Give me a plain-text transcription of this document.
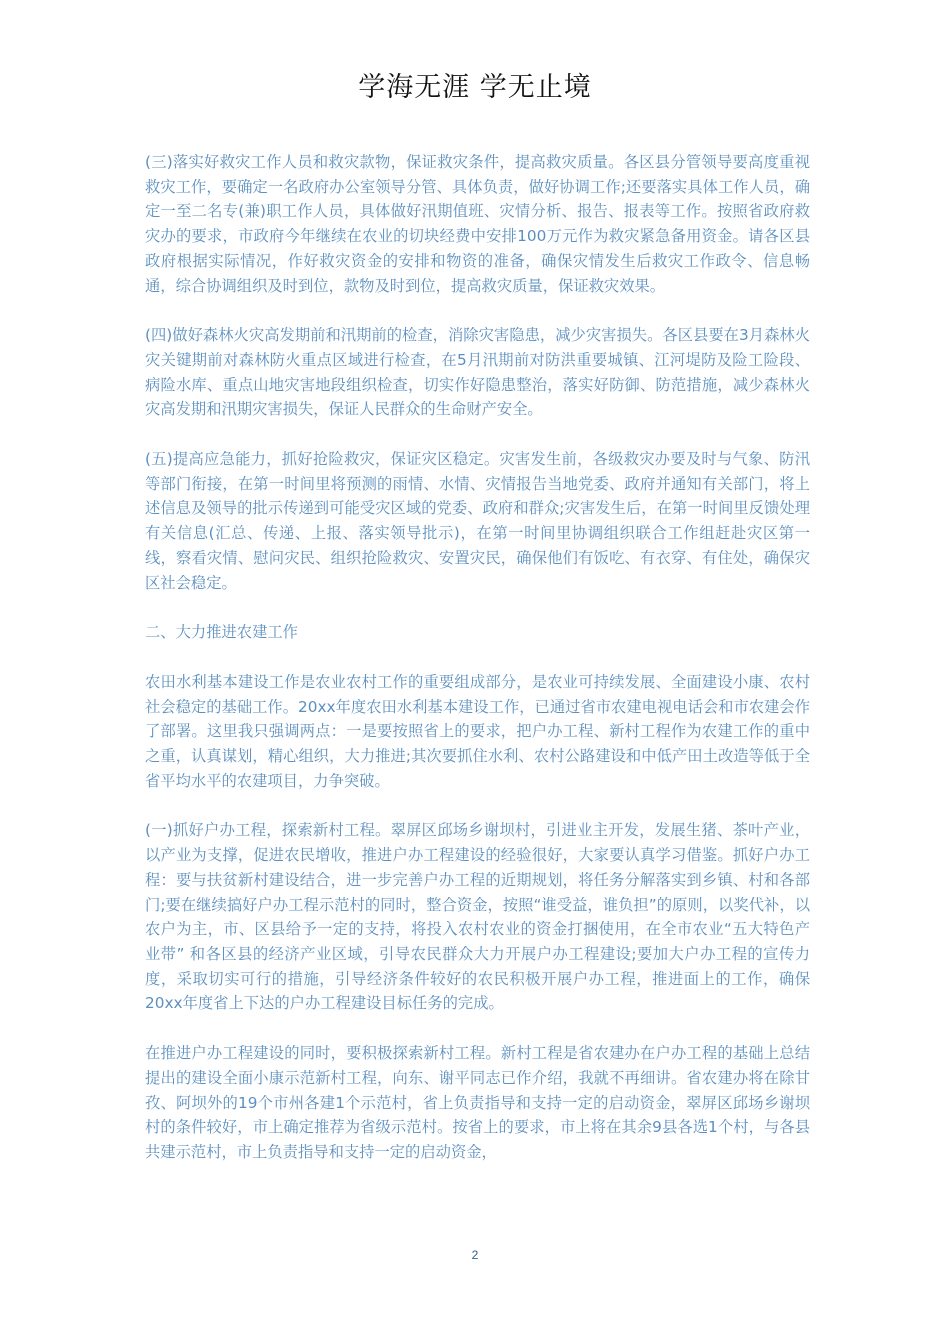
学海无涯 学无止境

(三)落实好救灾工作人员和救灾款物，保证救灾条件，提高救灾质量。各区县分管领导要高度重视救灾工作，要确定一名政府办公室领导分管、具体负责，做好协调工作;还要落实具体工作人员，确定一至二名专(兼)职工作人员，具体做好汛期值班、灾情分析、报告、报表等工作。按照省政府救灾办的要求，市政府今年继续在农业的切块经费中安排100万元作为救灾紧急备用资金。请各区县政府根据实际情况，作好救灾资金的安排和物资的准备，确保灾情发生后救灾工作政令、信息畅通，综合协调组织及时到位，款物及时到位，提高救灾质量，保证救灾效果。

(四)做好森林火灾高发期前和汛期前的检查，消除灾害隐患，减少灾害损失。各区县要在3月森林火灾关键期前对森林防火重点区域进行检查，在5月汛期前对防洪重要城镇、江河堤防及险工险段、病险水库、重点山地灾害地段组织检查，切实作好隐患整治，落实好防御、防范措施，减少森林火灾高发期和汛期灾害损失，保证人民群众的生命财产安全。

(五)提高应急能力，抓好抢险救灾，保证灾区稳定。灾害发生前，各级救灾办要及时与气象、防汛等部门衔接，在第一时间里将预测的雨情、水情、灾情报告当地党委、政府并通知有关部门，将上述信息及领导的批示传递到可能受灾区域的党委、政府和群众;灾害发生后，在第一时间里反馈处理有关信息(汇总、传递、上报、落实领导批示)，在第一时间里协调组织联合工作组赶赴灾区第一线，察看灾情、慰问灾民、组织抢险救灾、安置灾民，确保他们有饭吃、有衣穿、有住处，确保灾区社会稳定。

二、大力推进农建工作

农田水利基本建设工作是农业农村工作的重要组成部分，是农业可持续发展、全面建设小康、农村社会稳定的基础工作。20xx年度农田水利基本建设工作，已通过省市农建电视电话会和市农建会作了部署。这里我只强调两点：一是要按照省上的要求，把户办工程、新村工程作为农建工作的重中之重，认真谋划，精心组织，大力推进;其次要抓住水利、农村公路建设和中低产田土改造等低于全省平均水平的农建项目，力争突破。

(一)抓好户办工程，探索新村工程。翠屏区邱场乡谢坝村，引进业主开发，发展生猪、茶叶产业，以产业为支撑，促进农民增收，推进户办工程建设的经验很好，大家要认真学习借鉴。抓好户办工程：要与扶贫新村建设结合，进一步完善户办工程的近期规划，将任务分解落实到乡镇、村和各部门;要在继续搞好户办工程示范村的同时，整合资金，按照“谁受益，谁负担”的原则，以奖代补，以农户为主，市、区县给予一定的支持，将投入农村农业的资金打捆使用，在全市农业“五大特色产业带” 和各区县的经济产业区域，引导农民群众大力开展户办工程建设;要加大户办工程的宣传力度，采取切实可行的措施，引导经济条件较好的农民积极开展户办工程，推进面上的工作，确保20xx年度省上下达的户办工程建设目标任务的完成。

在推进户办工程建设的同时，要积极探索新村工程。新村工程是省农建办在户办工程的基础上总结提出的建设全面小康示范新村工程，向东、谢平同志已作介绍，我就不再细讲。省农建办将在除甘孜、阿坝外的19个市州各建1个示范村，省上负责指导和支持一定的启动资金，翠屏区邱场乡谢坝村的条件较好，市上确定推荐为省级示范村。按省上的要求，市上将在其余9县各选1个村，与各县共建示范村，市上负责指导和支持一定的启动资金，

2
